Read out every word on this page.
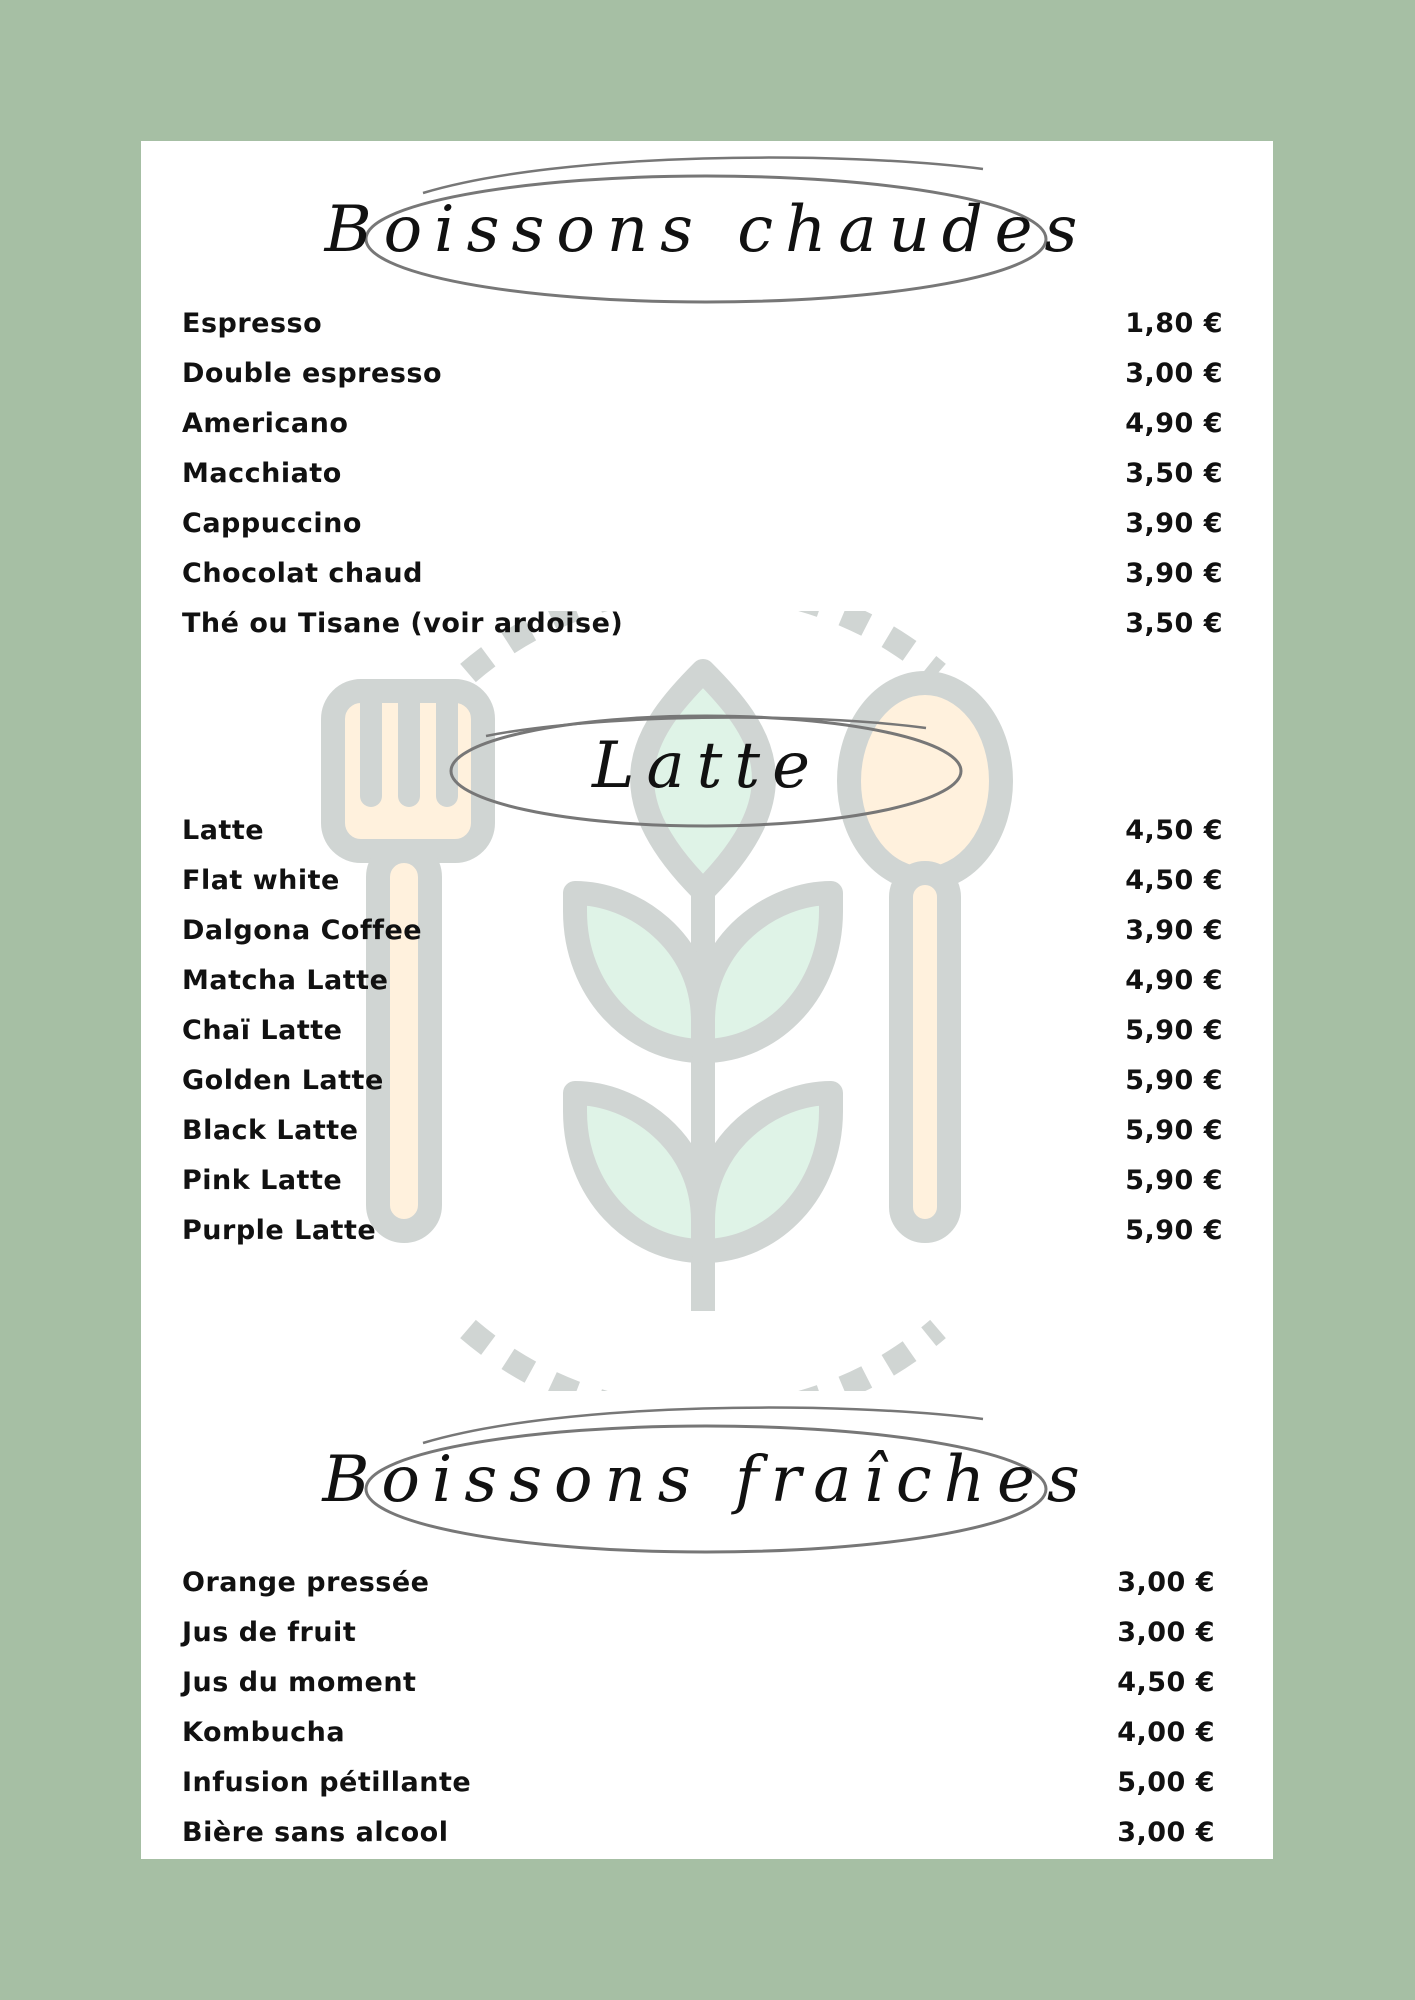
Boissons chaudes
Espresso	1,80 €
Double espresso	3,00 €
Americano	4,90 €
Macchiato	3,50 €
Cappuccino	3,90 €
Chocolat chaud	3,90 €
Thé ou Tisane (voir ardoise)	3,50 €
Latte
Latte	4,50 €
Flat white	4,50 €
Dalgona Coffee	3,90 €
Matcha Latte	4,90 €
Chaï Latte	5,90 €
Golden Latte	5,90 €
Black Latte	5,90 €
Pink Latte	5,90 €
Purple Latte	5,90 €
Boissons fraîches
Orange pressée	3,00 €
Jus de fruit	3,00 €
Jus du moment	4,50 €
Kombucha	4,00 €
Infusion pétillante	5,00 €
Bière sans alcool	3,00 €
